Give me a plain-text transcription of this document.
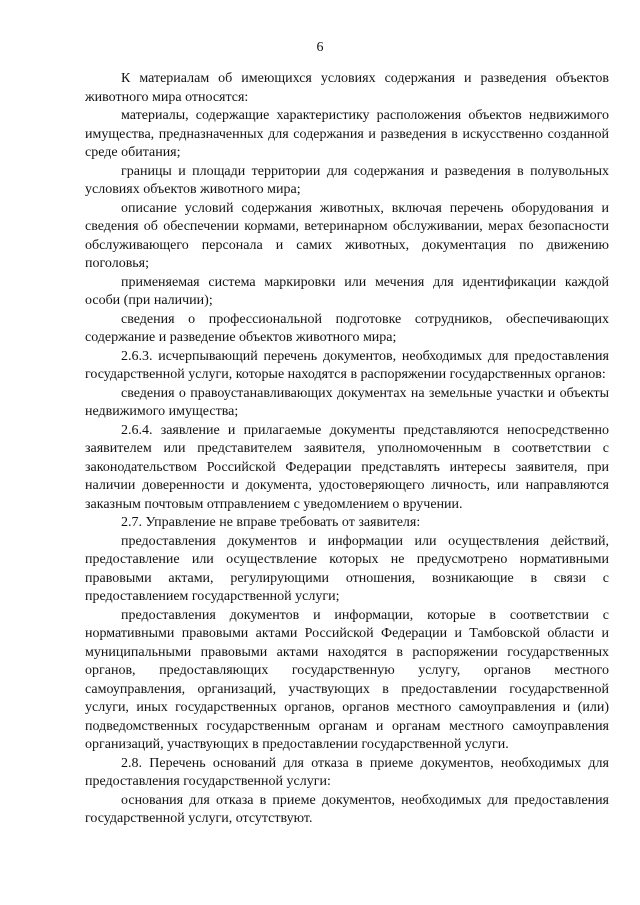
6

К материалам об имеющихся условиях содержания и разведения объектов животного мира относятся:

материалы, содержащие характеристику расположения объектов недвижимого имущества, предназначенных для содержания и разведения в искусственно созданной среде обитания;

границы и площади территории для содержания и разведения в полувольных условиях объектов животного мира;

описание условий содержания животных, включая перечень оборудования и сведения об обеспечении кормами, ветеринарном обслуживании, мерах безопасности обслуживающего персонала и самих животных, документация по движению поголовья;

применяемая система маркировки или мечения для идентификации каждой особи (при наличии);

сведения о профессиональной подготовке сотрудников, обеспечивающих содержание и разведение объектов животного мира;

2.6.3. исчерпывающий перечень документов, необходимых для предоставления государственной услуги, которые находятся в распоряжении государственных органов:

сведения о правоустанавливающих документах на земельные участки и объекты недвижимого имущества;

2.6.4. заявление и прилагаемые документы представляются непосредственно заявителем или представителем заявителя, уполномоченным в соответствии с законодательством Российской Федерации представлять интересы заявителя, при наличии доверенности и документа, удостоверяющего личность, или направляются заказным почтовым отправлением с уведомлением о вручении.

2.7. Управление не вправе требовать от заявителя:

предоставления документов и информации или осуществления действий, предоставление или осуществление которых не предусмотрено нормативными правовыми актами, регулирующими отношения, возникающие в связи с предоставлением государственной услуги;

предоставления документов и информации, которые в соответствии с нормативными правовыми актами Российской Федерации и Тамбовской области и муниципальными правовыми актами находятся в распоряжении государственных органов, предоставляющих государственную услугу, органов местного самоуправления, организаций, участвующих в предоставлении государственной услуги, иных государственных органов, органов местного самоуправления и (или) подведомственных государственным органам и органам местного самоуправления организаций, участвующих в предоставлении государственной услуги.

2.8. Перечень оснований для отказа в приеме документов, необходимых для предоставления государственной услуги:

основания для отказа в приеме документов, необходимых для предоставления государственной услуги, отсутствуют.
